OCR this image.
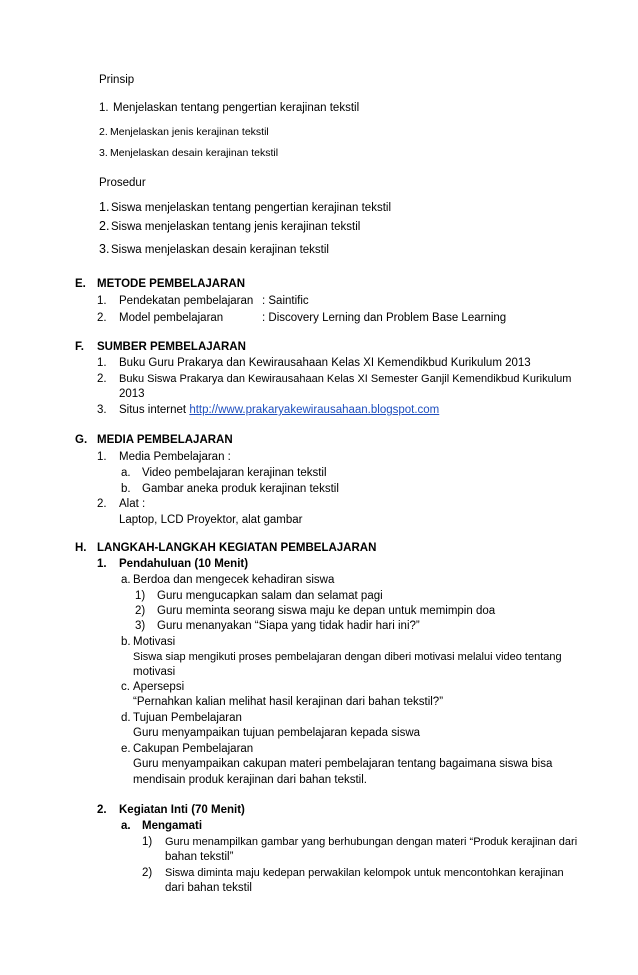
Prinsip
1. Menjelaskan tentang pengertian kerajinan tekstil
2. Menjelaskan jenis kerajinan tekstil
3. Menjelaskan desain kerajinan tekstil
Prosedur
1. Siswa menjelaskan tentang pengertian kerajinan tekstil
2. Siswa menjelaskan tentang jenis kerajinan tekstil
3. Siswa menjelaskan desain kerajinan tekstil
E. METODE PEMBELAJARAN
1. Pendekatan pembelajaran : Saintific
2. Model pembelajaran	: Discovery Lerning dan Problem Base Learning
F. SUMBER PEMBELAJARAN
1. Buku Guru Prakarya dan Kewirausahaan Kelas XI Kemendikbud Kurikulum 2013
2. Buku Siswa Prakarya dan Kewirausahaan Kelas XI Semester Ganjil Kemendikbud Kurikulum
2013
3. Situs internet http://www.prakaryakewirausahaan.blogspot.com
G. MEDIA PEMBELAJARAN
1. Media Pembelajaran :
a. Video pembelajaran kerajinan tekstil
b. Gambar aneka produk kerajinan tekstil
2. Alat :
Laptop, LCD Proyektor, alat gambar
H. LANGKAH-LANGKAH KEGIATAN PEMBELAJARAN
1. Pendahuluan (10 Menit)
a. Berdoa dan mengecek kehadiran siswa
1) Guru mengucapkan salam dan selamat pagi
2) Guru meminta seorang siswa maju ke depan untuk memimpin doa
3) Guru menanyakan “Siapa yang tidak hadir hari ini?”
b. Motivasi
Siswa siap mengikuti proses pembelajaran dengan diberi motivasi melalui video tentang
motivasi
c. Apersepsi
“Pernahkan kalian melihat hasil kerajinan dari bahan tekstil?”
d. Tujuan Pembelajaran
Guru menyampaikan tujuan pembelajaran kepada siswa
e. Cakupan Pembelajaran
Guru menyampaikan cakupan materi pembelajaran tentang bagaimana siswa bisa
mendisain produk kerajinan dari bahan tekstil.
2. Kegiatan Inti (70 Menit)
a. Mengamati
1) Guru menampilkan gambar yang berhubungan dengan materi “Produk kerajinan dari
bahan tekstil”
2) Siswa diminta maju kedepan perwakilan kelompok untuk mencontohkan kerajinan
dari bahan tekstil
